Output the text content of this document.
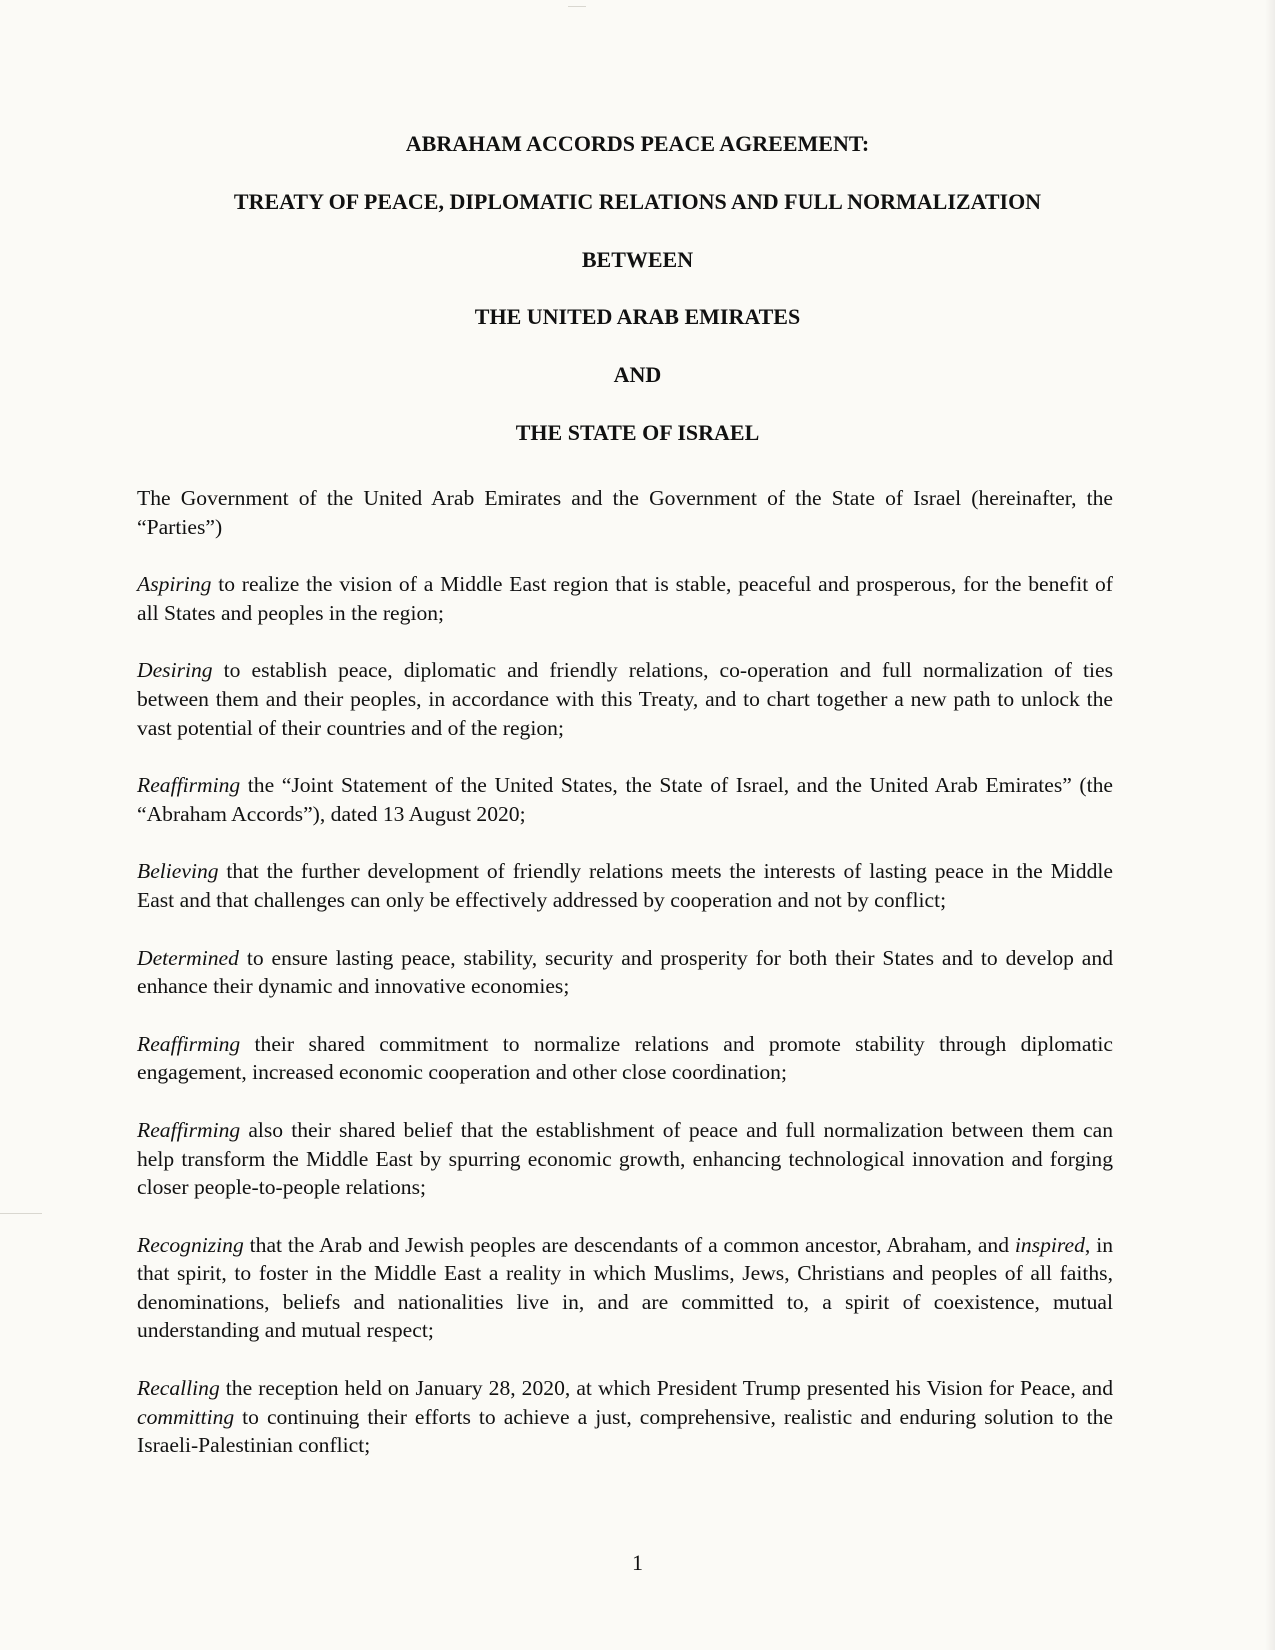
ABRAHAM ACCORDS PEACE AGREEMENT:
TREATY OF PEACE, DIPLOMATIC RELATIONS AND FULL NORMALIZATION
BETWEEN
THE UNITED ARAB EMIRATES
AND
THE STATE OF ISRAEL

The Government of the United Arab Emirates and the Government of the State of Israel (hereinafter, the “Parties”)

Aspiring to realize the vision of a Middle East region that is stable, peaceful and prosperous, for the benefit of all States and peoples in the region;

Desiring to establish peace, diplomatic and friendly relations, co-operation and full normalization of ties between them and their peoples, in accordance with this Treaty, and to chart together a new path to unlock the vast potential of their countries and of the region;

Reaffirming the “Joint Statement of the United States, the State of Israel, and the United Arab Emirates” (the “Abraham Accords”), dated 13 August 2020;

Believing that the further development of friendly relations meets the interests of lasting peace in the Middle East and that challenges can only be effectively addressed by cooperation and not by conflict;

Determined to ensure lasting peace, stability, security and prosperity for both their States and to develop and enhance their dynamic and innovative economies;

Reaffirming their shared commitment to normalize relations and promote stability through diplomatic engagement, increased economic cooperation and other close coordination;

Reaffirming also their shared belief that the establishment of peace and full normalization between them can help transform the Middle East by spurring economic growth, enhancing technological innovation and forging closer people-to-people relations;

Recognizing that the Arab and Jewish peoples are descendants of a common ancestor, Abraham, and inspired, in that spirit, to foster in the Middle East a reality in which Muslims, Jews, Christians and peoples of all faiths, denominations, beliefs and nationalities live in, and are committed to, a spirit of coexistence, mutual understanding and mutual respect;

Recalling the reception held on January 28, 2020, at which President Trump presented his Vision for Peace, and committing to continuing their efforts to achieve a just, comprehensive, realistic and enduring solution to the Israeli-Palestinian conflict;

1
